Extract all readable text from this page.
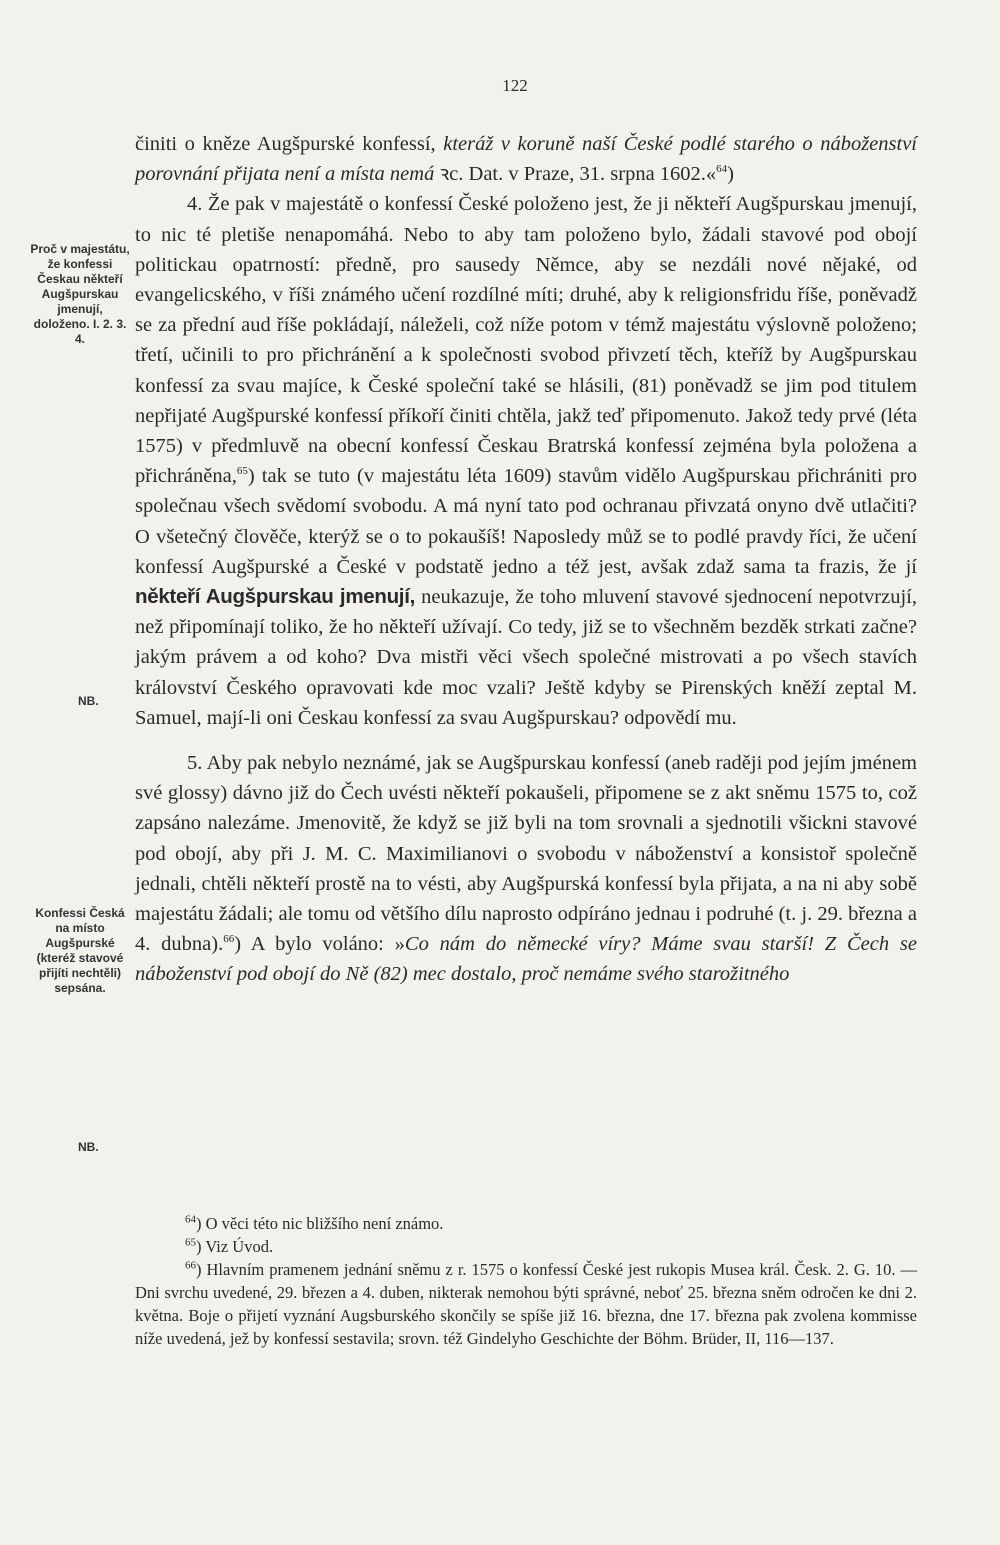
122
Proč v majestátu, že konfessi Českau někteří Augšpurskau jmenují, doloženo. I. 2. 3. 4.
NB.
Konfessi Česká na místo Augšpurské (kteréž stavové přijíti nechtěli) sepsána.
NB.

činiti o kněze Augšpurské konfessí, kteráž v koruně naší České podlé starého o náboženství porovnání přijata není a místa nemá ꝛc. Dat. v Praze, 31. srpna 1602.«$^{64}$)

4. Že pak v majestátě o konfessí České položeno jest, že ji někteří Augšpurskau jmenují, to nic té pletiše nenapomáhá. Nebo to aby tam položeno bylo, žádali stavové pod obojí politickau opatrností: předně, pro sausedy Němce, aby se nezdáli nové nějaké, od evangelicského, v říši známého učení rozdílné míti; druhé, aby k religionsfridu říše, poněvadž se za přední aud říše pokládají, náleželi, což níže potom v témž majestátu výslovně položeno; třetí, učinili to pro přichránění a k společnosti svobod přivzetí těch, kteříž by Augšpurskau konfessí za svau majíce, k České společní také se hlásili, (81) poněvadž se jim pod titulem nepřijaté Augšpurské konfessí příkoří činiti chtěla, jakž teď připomenuto. Jakož tedy prvé (léta 1575) v předmluvě na obecní konfessí Českau Bratrská konfessí zejména byla položena a přichráněna,$^{65}$) tak se tuto (v majestátu léta 1609) stavům vidělo Augšpurskau přichrániti pro společnau všech svědomí svobodu. A má nyní tato pod ochranau přivzatá onyno dvě utlačiti? O všetečný člověče, kterýž se o to pokaušíš! Naposledy můž se to podlé pravdy říci, že učení konfessí Augšpurské a České v podstatě jedno a též jest, avšak zdaž sama ta frazis, že jí někteří Augšpurskau jmenují, neukazuje, že toho mluvení stavové sjednocení nepotvrzují, než připomínají toliko, že ho někteří užívají. Co tedy, již se to všechněm bezděk strkati začne? jakým právem a od koho? Dva mistři věci všech společné mistrovati a po všech stavích království Českého opravovati kde moc vzali? Ještě kdyby se Pirenských kněží zeptal M. Samuel, mají-li oni Českau konfessí za svau Augšpurskau? odpovědí mu.

5. Aby pak nebylo neznámé, jak se Augšpurskau konfessí (aneb raději pod jejím jménem své glossy) dávno již do Čech uvésti někteří pokaušeli, připomene se z akt sněmu 1575 to, což zapsáno nalezáme. Jmenovitě, že když se již byli na tom srovnali a sjednotili všickni stavové pod obojí, aby při J. M. C. Maximilianovi o svobodu v náboženství a konsistoř společně jednali, chtěli někteří prostě na to vésti, aby Augšpurská konfessí byla přijata, a na ni aby sobě majestátu žádali; ale tomu od většího dílu naprosto odpíráno jednau i podruhé (t. j. 29. března a 4. dubna).$^{66}$) A bylo voláno: »Co nám do německé víry? Máme svau starší! Z Čech se náboženství pod obojí do Ně (82) mec dostalo, proč nemáme svého starožitného

$^{64}$) O věci této nic bližšího není známo.

$^{65}$) Viz Úvod.

$^{66}$) Hlavním pramenem jednání sněmu z r. 1575 o konfessí České jest rukopis Musea král. Česk. 2. G. 10. — Dni svrchu uvedené, 29. březen a 4. duben, nikterak nemohou býti správné, neboť 25. března sněm odročen ke dni 2. května. Boje o přijetí vyznání Augsburského skončily se spíše již 16. března, dne 17. března pak zvolena kommisse níže uvedená, jež by konfessí sestavila; srovn. též Gindelyho Geschichte der Böhm. Brüder, II, 116—137.
